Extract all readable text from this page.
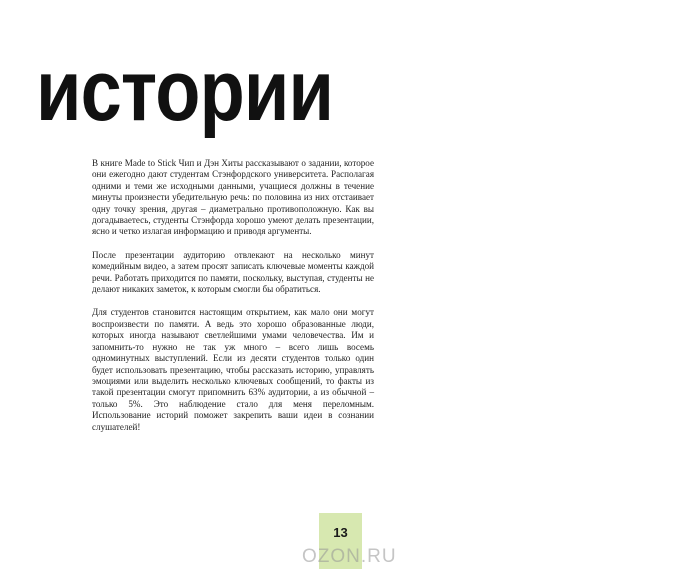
истории

В книге Made to Stick Чип и Дэн Хиты рассказывают о задании, которое они ежегодно дают студентам Стэнфордского университета. Располагая одними и теми же исходными данными, учащиеся должны в течение минуты произнести убедительную речь: по половина из них отстаивает одну точку зрения, другая – диаметрально противоположную. Как вы догадываетесь, студенты Стэнфорда хорошо умеют делать презентации, ясно и четко излагая информацию и приводя аргументы.

После презентации аудиторию отвлекают на несколько минут комедийным видео, а затем просят записать ключевые моменты каждой речи. Работать приходится по памяти, поскольку, выступая, студенты не делают никаких заметок, к которым смогли бы обратиться.

Для студентов становится настоящим открытием, как мало они могут воспроизвести по памяти. А ведь это хорошо образованные люди, которых иногда называют светлейшими умами человечества. Им и запомнить-то нужно не так уж много – всего лишь восемь одноминутных выступлений. Если из десяти студентов только один будет использовать презентацию, чтобы рассказать историю, управлять эмоциями или выделить несколько ключевых сообщений, то факты из такой презентации смогут припомнить 63% аудитории, а из обычной – только 5%. Это наблюдение стало для меня переломным. Использование историй поможет закрепить ваши идеи в сознании слушателей!

13
OZON.RU
